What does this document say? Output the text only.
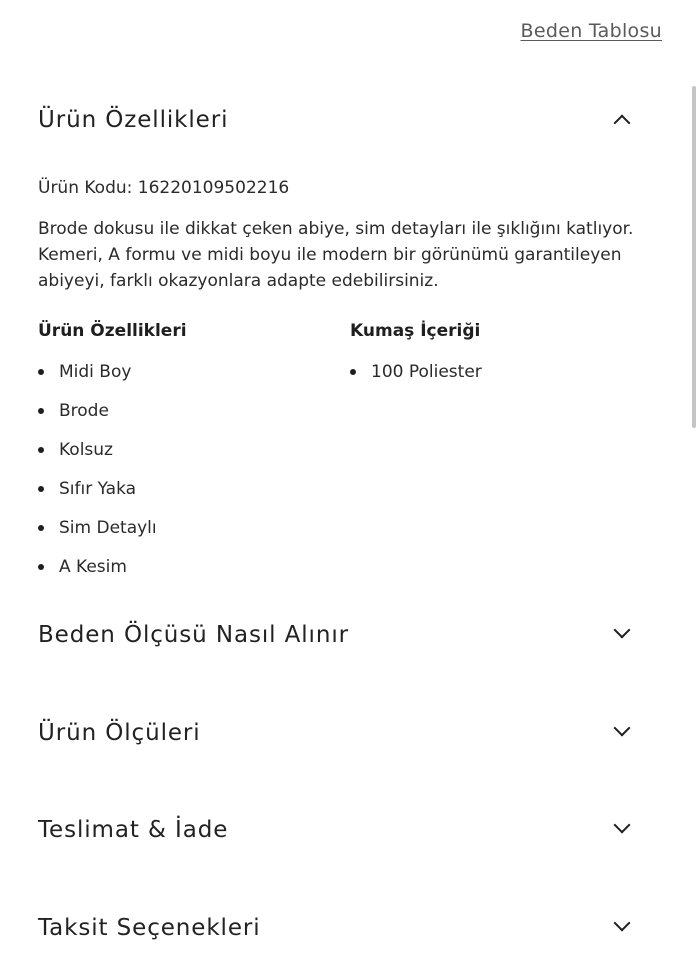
Beden Tablosu
Ürün Özellikleri
Ürün Kodu: 16220109502216

Brode dokusu ile dikkat çeken abiye, sim detayları ile şıklığını katlıyor. Kemeri, A formu ve midi boyu ile modern bir görünümü garantileyen abiyeyi, farklı okazyonlara adapte edebilirsiniz.

Ürün Özellikleri	Kumaş İçeriği
Midi Boy
Brode
Kolsuz
Sıfır Yaka
Sim Detaylı
A Kesim
100 Poliester
Beden Ölçüsü Nasıl Alınır
Ürün Ölçüleri
Teslimat & İade
Taksit Seçenekleri
